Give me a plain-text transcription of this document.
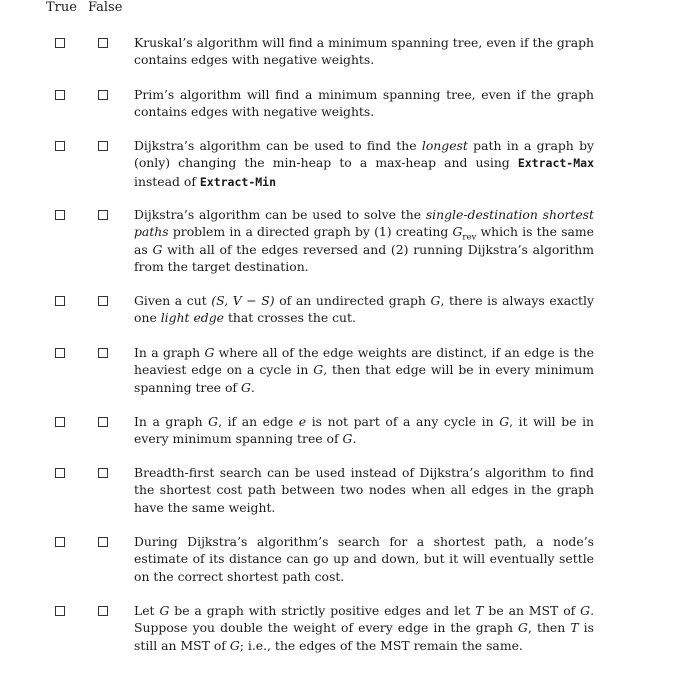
True False

Kruskal’s algorithm will find a minimum spanning tree, even if the graph contains edges with negative weights.

Prim’s algorithm will find a minimum spanning tree, even if the graph contains edges with negative weights.

Dijkstra’s algorithm can be used to find the longest path in a graph by (only) changing the min-heap to a max-heap and using Extract-Max instead of Extract-Min

Dijkstra’s algorithm can be used to solve the single-destination shortest paths problem in a directed graph by (1) creating $G_{rev}$ which is the same as G with all of the edges reversed and (2) running Dijkstra’s algorithm from the target destination.

Given a cut (S, V − S) of an undirected graph G, there is always exactly one light edge that crosses the cut.

In a graph G where all of the edge weights are distinct, if an edge is the heaviest edge on a cycle in G, then that edge will be in every minimum spanning tree of G.

In a graph G, if an edge e is not part of a any cycle in G, it will be in every minimum spanning tree of G.

Breadth-first search can be used instead of Dijkstra’s algorithm to find the shortest cost path between two nodes when all edges in the graph have the same weight.

During Dijkstra’s algorithm’s search for a shortest path, a node’s estimate of its distance can go up and down, but it will eventually settle on the correct shortest path cost.

Let G be a graph with strictly positive edges and let T be an MST of G. Suppose you double the weight of every edge in the graph G, then T is still an MST of G; i.e., the edges of the MST remain the same.
